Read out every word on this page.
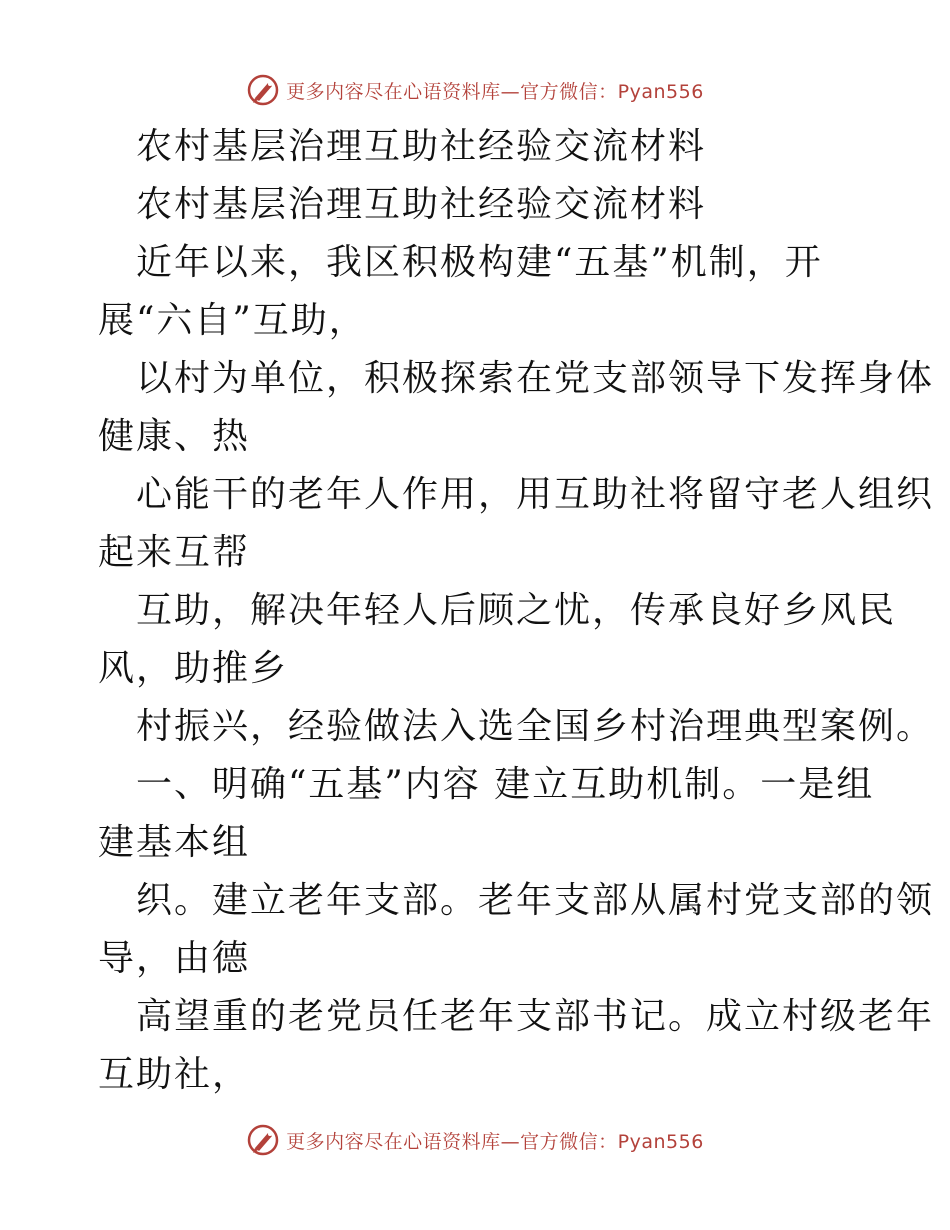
更多内容尽在心语资料库—官方微信：Pyan556
农村基层治理互助社经验交流材料
农村基层治理互助社经验交流材料
近年以来，我区积极构建“五基”机制，开
展“六自”互助，
以村为单位，积极探索在党支部领导下发挥身体
健康、热
心能干的老年人作用，用互助社将留守老人组织
起来互帮
互助，解决年轻人后顾之忧，传承良好乡风民
风，助推乡
村振兴，经验做法入选全国乡村治理典型案例。
一、明确“五基”内容 建立互助机制。一是组
建基本组
织。建立老年支部。老年支部从属村党支部的领
导，由德
高望重的老党员任老年支部书记。成立村级老年
互助社，
更多内容尽在心语资料库—官方微信：Pyan556
